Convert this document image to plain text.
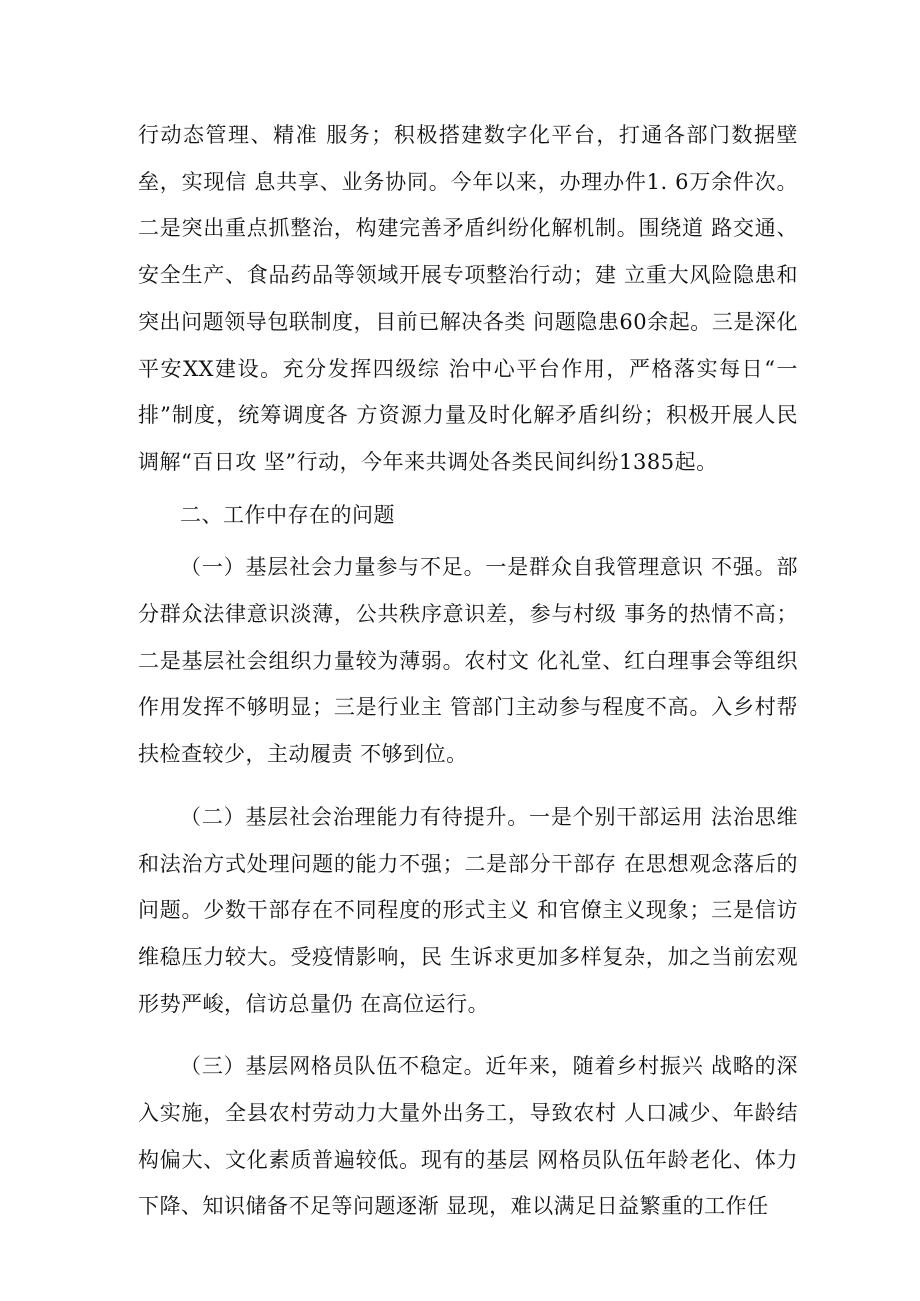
行动态管理、精准 服务；积极搭建数字化平台，打通各部门数据壁垒，实现信 息共享、业务协同。今年以来，办理办件1. 6万余件次。 二是突出重点抓整治，构建完善矛盾纠纷化解机制。围绕道 路交通、安全生产、食品药品等领域开展专项整治行动；建 立重大风险隐患和突出问题领导包联制度，目前已解决各类 问题隐患60余起。三是深化平安XX建设。充分发挥四级综 治中心平台作用，严格落实每日“一排”制度，统筹调度各 方资源力量及时化解矛盾纠纷；积极开展人民调解“百日攻 坚”行动，今年来共调处各类民间纠纷1385起。

二、工作中存在的问题

（一）基层社会力量参与不足。一是群众自我管理意识 不强。部分群众法律意识淡薄，公共秩序意识差，参与村级 事务的热情不高；二是基层社会组织力量较为薄弱。农村文 化礼堂、红白理事会等组织作用发挥不够明显；三是行业主 管部门主动参与程度不高。入乡村帮扶检查较少，主动履责 不够到位。

（二）基层社会治理能力有待提升。一是个别干部运用 法治思维和法治方式处理问题的能力不强；二是部分干部存 在思想观念落后的问题。少数干部存在不同程度的形式主义 和官僚主义现象；三是信访维稳压力较大。受疫情影响，民 生诉求更加多样复杂，加之当前宏观形势严峻，信访总量仍 在高位运行。

（三）基层网格员队伍不稳定。近年来，随着乡村振兴 战略的深入实施，全县农村劳动力大量外出务工，导致农村 人口减少、年龄结构偏大、文化素质普遍较低。现有的基层 网格员队伍年龄老化、体力下降、知识储备不足等问题逐渐 显现，难以满足日益繁重的工作任
